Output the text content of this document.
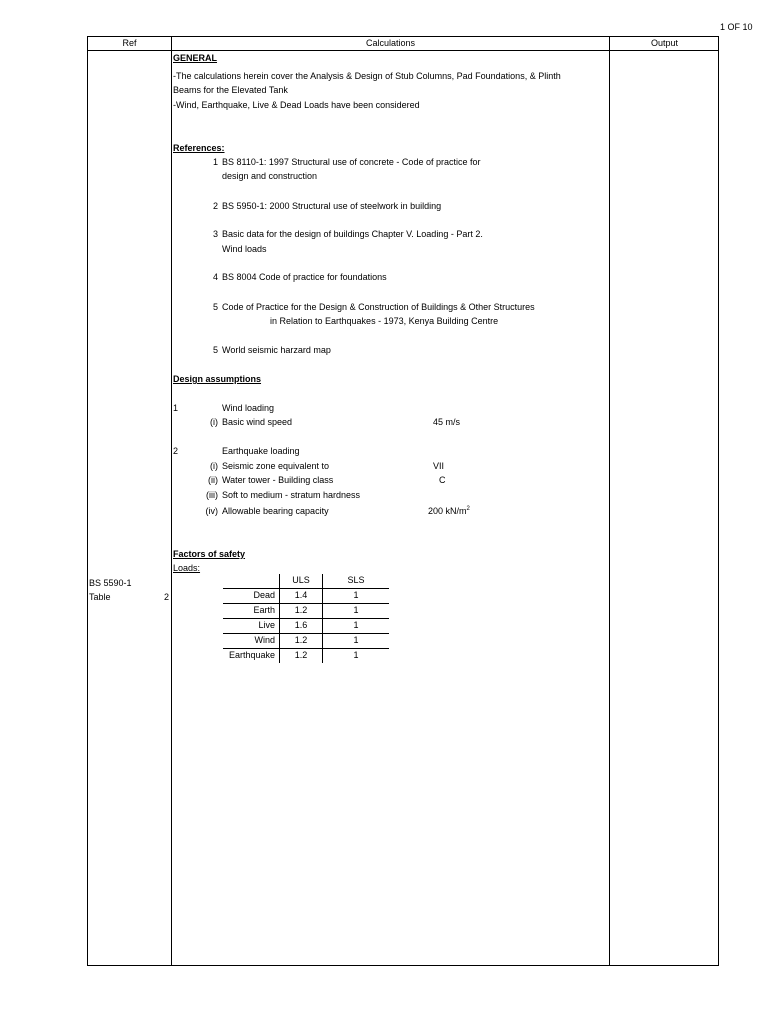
1 OF 10
Ref	Calculations	Output
GENERAL
-The calculations herein cover the Analysis & Design of Stub Columns, Pad Foundations, & Plinth
Beams for the Elevated Tank
-Wind, Earthquake, Live & Dead Loads have been considered
References:
1 BS 8110-1: 1997 Structural use of concrete - Code of practice for
design and construction
2 BS 5950-1: 2000 Structural use of steelwork in building
3 Basic data for the design of buildings Chapter V. Loading - Part 2.
Wind loads
4 BS 8004 Code of practice for foundations
5 Code of Practice for the Design & Construction of Buildings & Other Structures
in Relation to Earthquakes - 1973, Kenya Building Centre
5 World seismic harzard map
Design assumptions
1	Wind loading
(i) Basic wind speed	45 m/s
2	Earthquake loading
(i) Seismic zone equivalent to	VII
(ii) Water tower - Building class	C
(iii) Soft to medium - stratum hardness
(iv) Allowable bearing capacity	200 $kN/m^2$
Factors of safety
Loads:
BS 5590-1
Table	2
	ULS	SLS
Dead	1.4	1
Earth	1.2	1
Live	1.6	1
Wind	1.2	1
Earthquake	1.2	1
